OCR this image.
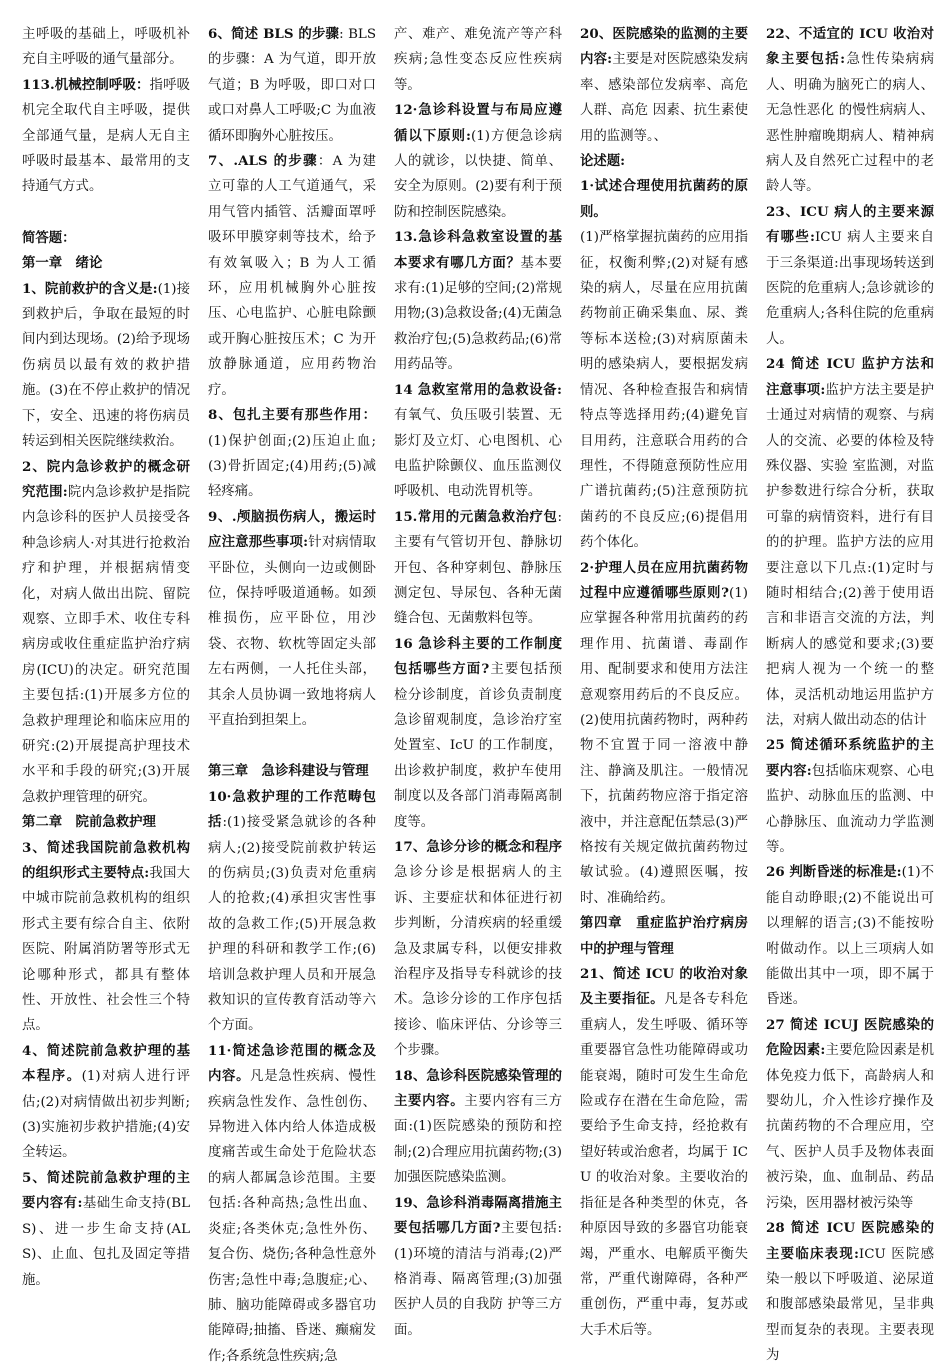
主呼吸的基础上，呼吸机补充自主呼吸的通气量部分。

113.机械控制呼吸：指呼吸机完全取代自主呼吸，提供全部通气量，是病人无自主呼吸时最基本、最常用的支持通气方式。

简答题：

第一章　绪论

1、院前救护的含义是:(1)接到救护后，争取在最短的时间内到达现场。(2)给予现场伤病员以最有效的救护措施。(3)在不停止救护的情况下，安全、迅速的将伤病员转运到相关医院继续救治。

2、院内急诊救护的概念研究范围:院内急诊救护是指院内急诊科的医护人员接受各种急诊病人·对其进行抢救治疗和护理，并根据病情变化，对病人做出出院、留院观察、立即手术、收住专科病房或收住重症监护治疗病房(ICU)的决定。研究范围主要包括:(1)开展多方位的急救护理理论和临床应用的研究:(2)开展提高护理技术水平和手段的研究;(3)开展急救护理管理的研究。

第二章　院前急救护理

3、简述我国院前急救机构的组织形式主要特点:我国大中城市院前急救机构的组织形式主要有综合自主、依附医院、附属消防署等形式无论哪种形式，都具有整体性、开放性、社会性三个特点。

4、简述院前急救护理的基本程序。(1)对病人进行评估;(2)对病情做出初步判断;(3)实施初步救护措施;(4)安全转运。

5、简述院前急救护理的主要内容有:基础生命支持(BLS)、进一步生命支持(ALS)、止血、包扎及固定等措施。

6、简述 BLS 的步骤: BLS 的步骤：A 为气道，即开放气道；B 为呼吸，即口对口或口对鼻人工呼吸;C 为血液循环即胸外心脏按压。

7、.ALS 的步骤：A 为建立可靠的人工气道通气，采用气管内插管、活瓣面罩呼吸环甲膜穿刺等技术，给予有效氧吸入；B 为人工循环，应用机械胸外心脏按压、心电监护、心脏电除颤或开胸心脏按压术；C 为开放静脉通道，应用药物治疗。

8、包扎主要有那些作用：(1)保护创面;(2)压迫止血;(3)骨折固定;(4)用药;(5)减轻疼痛。

9、.颅脑损伤病人，搬运时应注意那些事项:针对病情取平卧位，头侧向一边或侧卧位，保持呼吸道通畅。如颈椎损伤，应平卧位，用沙袋、衣物、软枕等固定头部左右两侧，一人托住头部，其余人员协调一致地将病人平直抬到担架上。

第三章　急诊科建设与管理

10·急救护理的工作范畴包括:(1)接受紧急就诊的各种病人;(2)接受院前救护转运的伤病员;(3)负责对危重病人的抢救;(4)承担灾害性事故的急救工作;(5)开展急救护理的科研和教学工作;(6)培训急救护理人员和开展急救知识的宣传教育活动等六个方面。

11·简述急诊范围的概念及内容。凡是急性疾病、慢性疾病急性发作、急性创伤、异物进入体内给人体造成极度痛苦或生命处于危险状态的病人都属急诊范围。主要包括:各种高热;急性出血、炎症;各类休克;急性外伤、复合伤、烧伤;各种急性意外伤害;急性中毒;急腹症;心、肺、脑功能障碍或多器官功能障碍;抽搐、昏迷、癫痫发作;各系统急性疾病;急

产、难产、难免流产等产科疾病;急性变态反应性疾病等。

12·急诊科设置与布局应遵循以下原则:(1)方便急诊病人的就诊，以快捷、简单、安全为原则。(2)要有利于预防和控制医院感染。

13.急诊科急救室设置的基本要求有哪几方面？基本要求有:(1)足够的空间;(2)常规用物;(3)急救设备;(4)无菌急救治疗包;(5)急救药品;(6)常用药品等。

14 急救室常用的急救设备:有氧气、负压吸引装置、无影灯及立灯、心电图机、心电监护除颤仪、血压监测仪呼吸机、电动洗胃机等。

15.常用的元菌急救治疗包: 主要有气管切开包、静脉切开包、各种穿刺包、静脉压测定包、导尿包、各种无菌缝合包、无菌敷料包等。

16 急诊科主要的工作制度包括哪些方面?主要包括预检分诊制度，首诊负责制度急诊留观制度，急诊治疗室处置室、IcU 的工作制度，出诊救护制度，救护车使用制度以及各部门消毒隔离制度等。

17、急诊分诊的概念和程序急诊分诊是根据病人的主诉、主要症状和体征进行初步判断，分清疾病的轻重缓急及隶属专科，以便安排救治程序及指导专科就诊的技术。急诊分诊的工作序包括接诊、临床评估、分诊等三个步骤。

18、急诊科医院感染管理的主要内容。主要内容有三方面:(1)医院感染的预防和控制;(2)合理应用抗菌药物;(3)加强医院感染监测。

19、急诊科消毒隔离措施主要包括哪几方面?主要包括:(1)环境的清洁与消毒;(2)严格消毒、隔离管理;(3)加强医护人员的自我防 护等三方面。

20、医院感染的监测的主要内容:主要是对医院感染发病率、感染部位发病率、高危人群、高危 因素、抗生素使用的监测等。、

论述题:

1·试述合理使用抗菌药的原则。

(1)严格掌握抗菌药的应用指征，权衡利弊;(2)对疑有感染的病人，尽量在应用抗菌药物前正确采集血、尿、粪等标本送检;(3)对病原菌未明的感染病人，要根据发病情况、各种检查报告和病情特点等选择用药;(4)避免盲目用药，注意联合用药的合理性，不得随意预防性应用广谱抗菌药;(5)注意预防抗菌药的不良反应;(6)提倡用药个体化。

2·护理人员在应用抗菌药物过程中应遵循哪些原则?(1)应掌握各种常用抗菌药的药理作用、抗菌谱、毒副作用、配制要求和使用方法注意观察用药后的不良反应。(2)使用抗菌药物时，两种药物不宜置于同一溶液中静注、静滴及肌注。一般情况下，抗菌药物应溶于指定溶液中，并注意配伍禁忌(3)严格按有关规定做抗菌药物过敏试验。(4)遵照医嘱，按时、准确给药。

第四章　重症监护治疗病房中的护理与管理

21、简述 ICU 的收治对象及主要指征。凡是各专科危重病人，发生呼吸、循环等重要器官急性功能障碍或功能衰竭，随时可发生生命危险或存在潜在生命危险，需要给予生命支持，经抢救有望好转或治愈者，均属于 ICU 的收治对象。主要收治的指征是各种类型的休克，各种原因导致的多器官功能衰竭，严重水、电解质平衡失常，严重代谢障碍，各种严重创伤，严重中毒，复苏或大手术后等。

22、不适宜的 ICU 收治对象主要包括:急性传染病病人、明确为脑死亡的病人、无急性恶化 的慢性病病人、恶性肿瘤晚期病人、精神病病人及自然死亡过程中的老龄人等。

23、ICU 病人的主要来源有哪些:ICU 病人主要来自于三条渠道:出事现场转送到医院的危重病人;急诊就诊的危重病人;各科住院的危重病人。

24 简述 ICU 监护方法和注意事项:监护方法主要是护士通过对病情的观察、与病人的交流、必要的体检及特殊仪器、实验 室监测，对监护参数进行综合分析，获取可靠的病情资料，进行有目的的护理。监护方法的应用要注意以下几点:(1)定时与随时相结合;(2)善于使用语言和非语言交流的方法，判断病人的感觉和要求;(3)要把病人视为一个统一的整体，灵活机动地运用监护方法，对病人做出动态的估计

25 简述循环系统监护的主要内容:包括临床观察、心电监护、动脉血压的监测、中心静脉压、血流动力学监测等。

26 判断昏迷的标准是:(1)不能自动睁眼;(2)不能说出可以理解的语言;(3)不能按吩咐做动作。以上三项病人如能做出其中一项，即不属于昏迷。

27 简述 ICUJ 医院感染的危险因素:主要危险因素是机体免疫力低下，高龄病人和婴幼儿，介入性诊疗操作及抗菌药物的不合理应用，空气、医护人员手及物体表面被污染，血、血制品、药品污染，医用器材被污染等

28 简述 ICU 医院感染的主要临床表现:ICU 医院感染一般以下呼吸道、泌尿道和腹部感染最常见，呈非典型而复杂的表现。主要表现为
